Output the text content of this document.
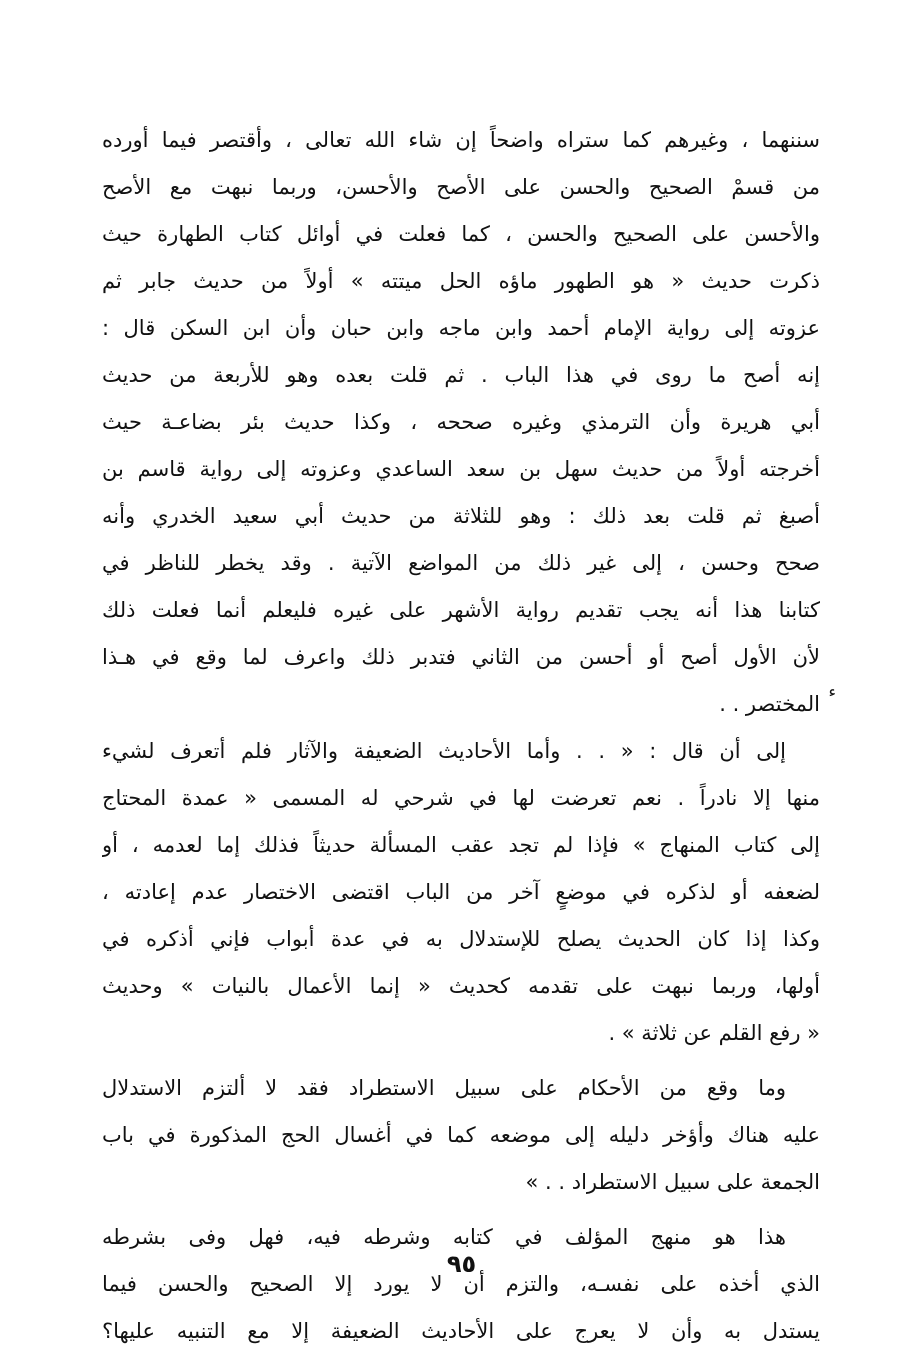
سننهما ، وغيرهم كما ستراه واضحاً إن شاء الله تعالى ، وأقتصر فيما أورده
من قسمْ الصحيح والحسن على الأصح والأحسن، وربما نبهت مع الأصح
والأحسن على الصحيح والحسن ، كما فعلت في أوائل كتاب الطهارة حيث
ذكرت حديث « هو الطهور ماؤه الحل ميتته » أولاً من حديث جابر ثم
عزوته إلى رواية الإمام أحمد وابن ماجه وابن حبان وأن ابن السكن قال :
إنه أصح ما روى في هذا الباب . ثم قلت بعده وهو للأربعة من حديث
أبي هريرة وأن الترمذي وغيره صححه ، وكذا حديث بئر بضاعـة حيث
أخرجته أولاً من حديث سهل بن سعد الساعدي وعزوته إلى رواية قاسم بن
أصبغ ثم قلت بعد ذلك : وهو للثلاثة من حديث أبي سعيد الخدري وأنه
صحح وحسن ، إلى غير ذلك من المواضع الآتية . وقد يخطر للناظر في
كتابنا هذا أنه يجب تقديم رواية الأشهر على غيره فليعلم أنما فعلت ذلك
لأن الأول أصح أو أحسن من الثاني فتدبر ذلك واعرف لما وقع في هـذا
المختصر . .
إلى أن قال : « . . وأما الأحاديث الضعيفة والآثار فلم أتعرف لشيء
منها إلا نادراً . نعم تعرضت لها في شرحي له المسمى « عمدة المحتاج
إلى كتاب المنهاج » فإذا لم تجد عقب المسألة حديثاً فذلك إما لعدمه ، أو
لضعفه أو لذكره في موضعٍ آخر من الباب اقتضى الاختصار عدم إعادته ،
وكذا إذا كان الحديث يصلح للإستدلال به في عدة أبواب فإني أذكره في
أولها، وربما نبهت على تقدمه كحديث « إنما الأعمال بالنيات » وحديث
« رفع القلم عن ثلاثة » .
وما وقع من الأحكام على سبيل الاستطراد فقد لا ألتزم الاستدلال
عليه هناك وأؤخر دليله إلى موضعه كما في أغسال الحج المذكورة في باب
الجمعة على سبيل الاستطراد . . »
هذا هو منهج المؤلف في كتابه وشرطه فيه، فهل وفى بشرطه
الذي أخذه على نفسـه، والتزم أن لا يورد إلا الصحيح والحسن فيما
يستدل به وأن لا يعرج على الأحاديث الضعيفة إلا مع التنبيه عليها؟
ء
٩٥
